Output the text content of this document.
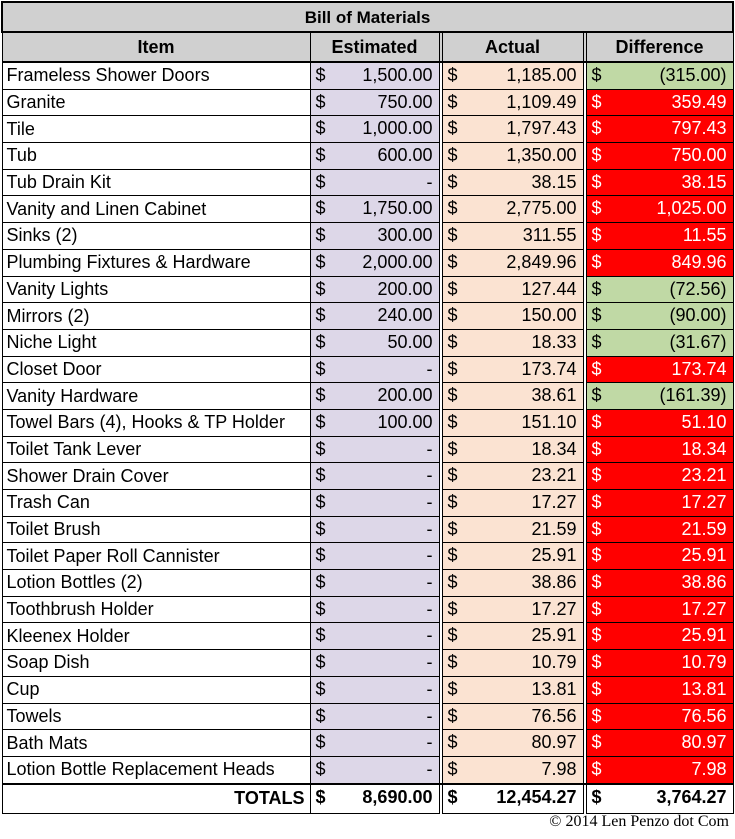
Bill of Materials					
Item	Estimated		Actual		Difference
Frameless Shower Doors	$ 1,500.00		$ 1,185.00		$ (315.00)

Granite	$ 750.00		$ 1,109.49		$ 359.49

Tile	$ 1,000.00		$ 1,797.43		$ 797.43

Tub	$ 600.00		$ 1,350.00		$ 750.00

Tub Drain Kit	$ -		$ 38.15		$ 38.15

Vanity and Linen Cabinet	$ 1,750.00		$ 2,775.00		$ 1,025.00

Sinks (2)	$ 300.00		$ 311.55		$ 11.55

Plumbing Fixtures & Hardware	$ 2,000.00		$ 2,849.96		$ 849.96

Vanity Lights	$ 200.00		$ 127.44		$ (72.56)

Mirrors (2)	$ 240.00		$ 150.00		$ (90.00)

Niche Light	$ 50.00		$ 18.33		$ (31.67)

Closet Door	$ -		$ 173.74		$ 173.74

Vanity Hardware	$ 200.00		$ 38.61		$ (161.39)

Towel Bars (4), Hooks & TP Holder	$ 100.00		$ 151.10		$ 51.10

Toilet Tank Lever	$ -		$ 18.34		$ 18.34

Shower Drain Cover	$ -		$ 23.21		$ 23.21

Trash Can	$ -		$ 17.27		$ 17.27

Toilet Brush	$ -		$ 21.59		$ 21.59

Toilet Paper Roll Cannister	$ -		$ 25.91		$ 25.91

Lotion Bottles (2)	$ -		$ 38.86		$ 38.86

Toothbrush Holder	$ -		$ 17.27		$ 17.27

Kleenex Holder	$ -		$ 25.91		$ 25.91

Soap Dish	$ -		$ 10.79		$ 10.79

Cup	$ -		$ 13.81		$ 13.81

Towels	$ -		$ 76.56		$ 76.56

Bath Mats	$ -		$ 80.97		$ 80.97

Lotion Bottle Replacement Heads	$ -		$ 7.98		$ 7.98

TOTALS	$ 8,690.00		$ 12,454.27		$ 3,764.27
© 2014 Len Penzo dot Com
